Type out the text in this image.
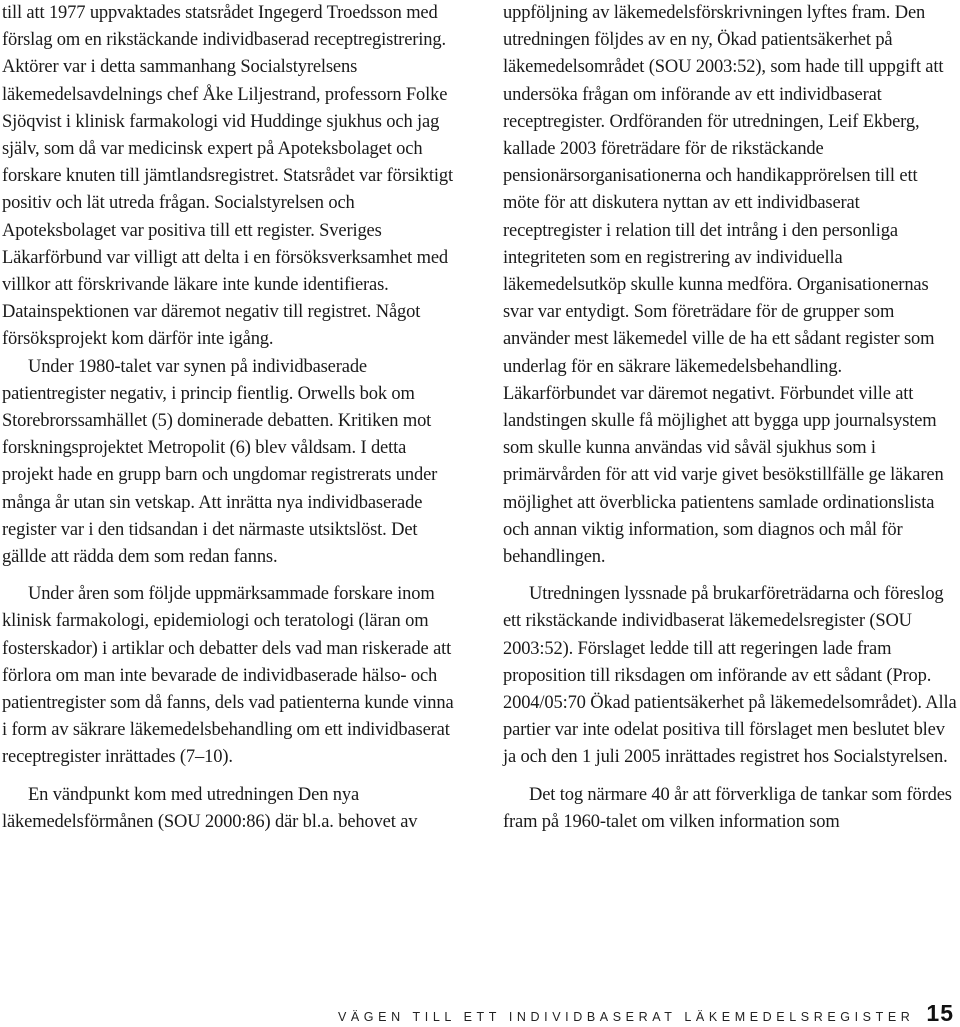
till att 1977 uppvaktades statsrådet Ingegerd Troedsson med förslag om en rikstäckande individbaserad receptregistrering. Aktörer var i detta sammanhang Socialstyrelsens läkemedelsavdelnings chef Åke Liljestrand, professorn Folke Sjöqvist i klinisk farmakologi vid Huddinge sjukhus och jag själv, som då var medicinsk expert på Apoteksbolaget och forskare knuten till jämtlandsregistret. Statsrådet var försiktigt positiv och lät utreda frågan. Socialstyrelsen och Apoteksbolaget var positiva till ett register. Sveriges Läkarförbund var villigt att delta i en försöksverksamhet med villkor att förskrivande läkare inte kunde identifieras. Datainspektionen var däremot negativ till registret. Något försöksprojekt kom därför inte igång.

Under 1980-talet var synen på individbaserade patientregister negativ, i princip fientlig. Orwells bok om Storebrorssamhället (5) dominerade debatten. Kritiken mot forskningsprojektet Metropolit (6) blev våldsam. I detta projekt hade en grupp barn och ungdomar registrerats under många år utan sin vetskap. Att inrätta nya individbaserade register var i den tidsandan i det närmaste utsiktslöst. Det gällde att rädda dem som redan fanns.

Under åren som följde uppmärksammade forskare inom klinisk farmakologi, epidemiologi och teratologi (läran om fosterskador) i artiklar och debatter dels vad man riskerade att förlora om man inte bevarade de individbaserade hälso- och patientregister som då fanns, dels vad patienterna kunde vinna i form av säkrare läkemedelsbehandling om ett individbaserat receptregister inrättades (7–10).

En vändpunkt kom med utredningen Den nya läkemedelsförmånen (SOU 2000:86) där bl.a. behovet av

uppföljning av läkemedelsförskrivningen lyftes fram. Den utredningen följdes av en ny, Ökad patientsäkerhet på läkemedelsområdet (SOU 2003:52), som hade till uppgift att undersöka frågan om införande av ett individbaserat receptregister. Ordföranden för utredningen, Leif Ekberg, kallade 2003 företrädare för de rikstäckande pensionärsorganisationerna och handikapprörelsen till ett möte för att diskutera nyttan av ett individbaserat receptregister i relation till det intrång i den personliga integriteten som en registrering av individuella läkemedelsutköp skulle kunna medföra. Organisationernas svar var entydigt. Som företrädare för de grupper som använder mest läkemedel ville de ha ett sådant register som underlag för en säkrare läkemedelsbehandling. Läkarförbundet var däremot negativt. Förbundet ville att landstingen skulle få möjlighet att bygga upp journalsystem som skulle kunna användas vid såväl sjukhus som i primärvården för att vid varje givet besökstillfälle ge läkaren möjlighet att överblicka patientens samlade ordinationslista och annan viktig information, som diagnos och mål för behandlingen.

Utredningen lyssnade på brukarföreträdarna och föreslog ett rikstäckande individbaserat läkemedelsregister (SOU 2003:52). Förslaget ledde till att regeringen lade fram proposition till riksdagen om införande av ett sådant (Prop. 2004/05:70 Ökad patientsäkerhet på läkemedelsområdet). Alla partier var inte odelat positiva till förslaget men beslutet blev ja och den 1 juli 2005 inrättades registret hos Socialstyrelsen.

Det tog närmare 40 år att förverkliga de tankar som fördes fram på 1960-talet om vilken information som

VÄGEN TILL ETT INDIVIDBASERAT LÄKEMEDELSREGISTER 15
